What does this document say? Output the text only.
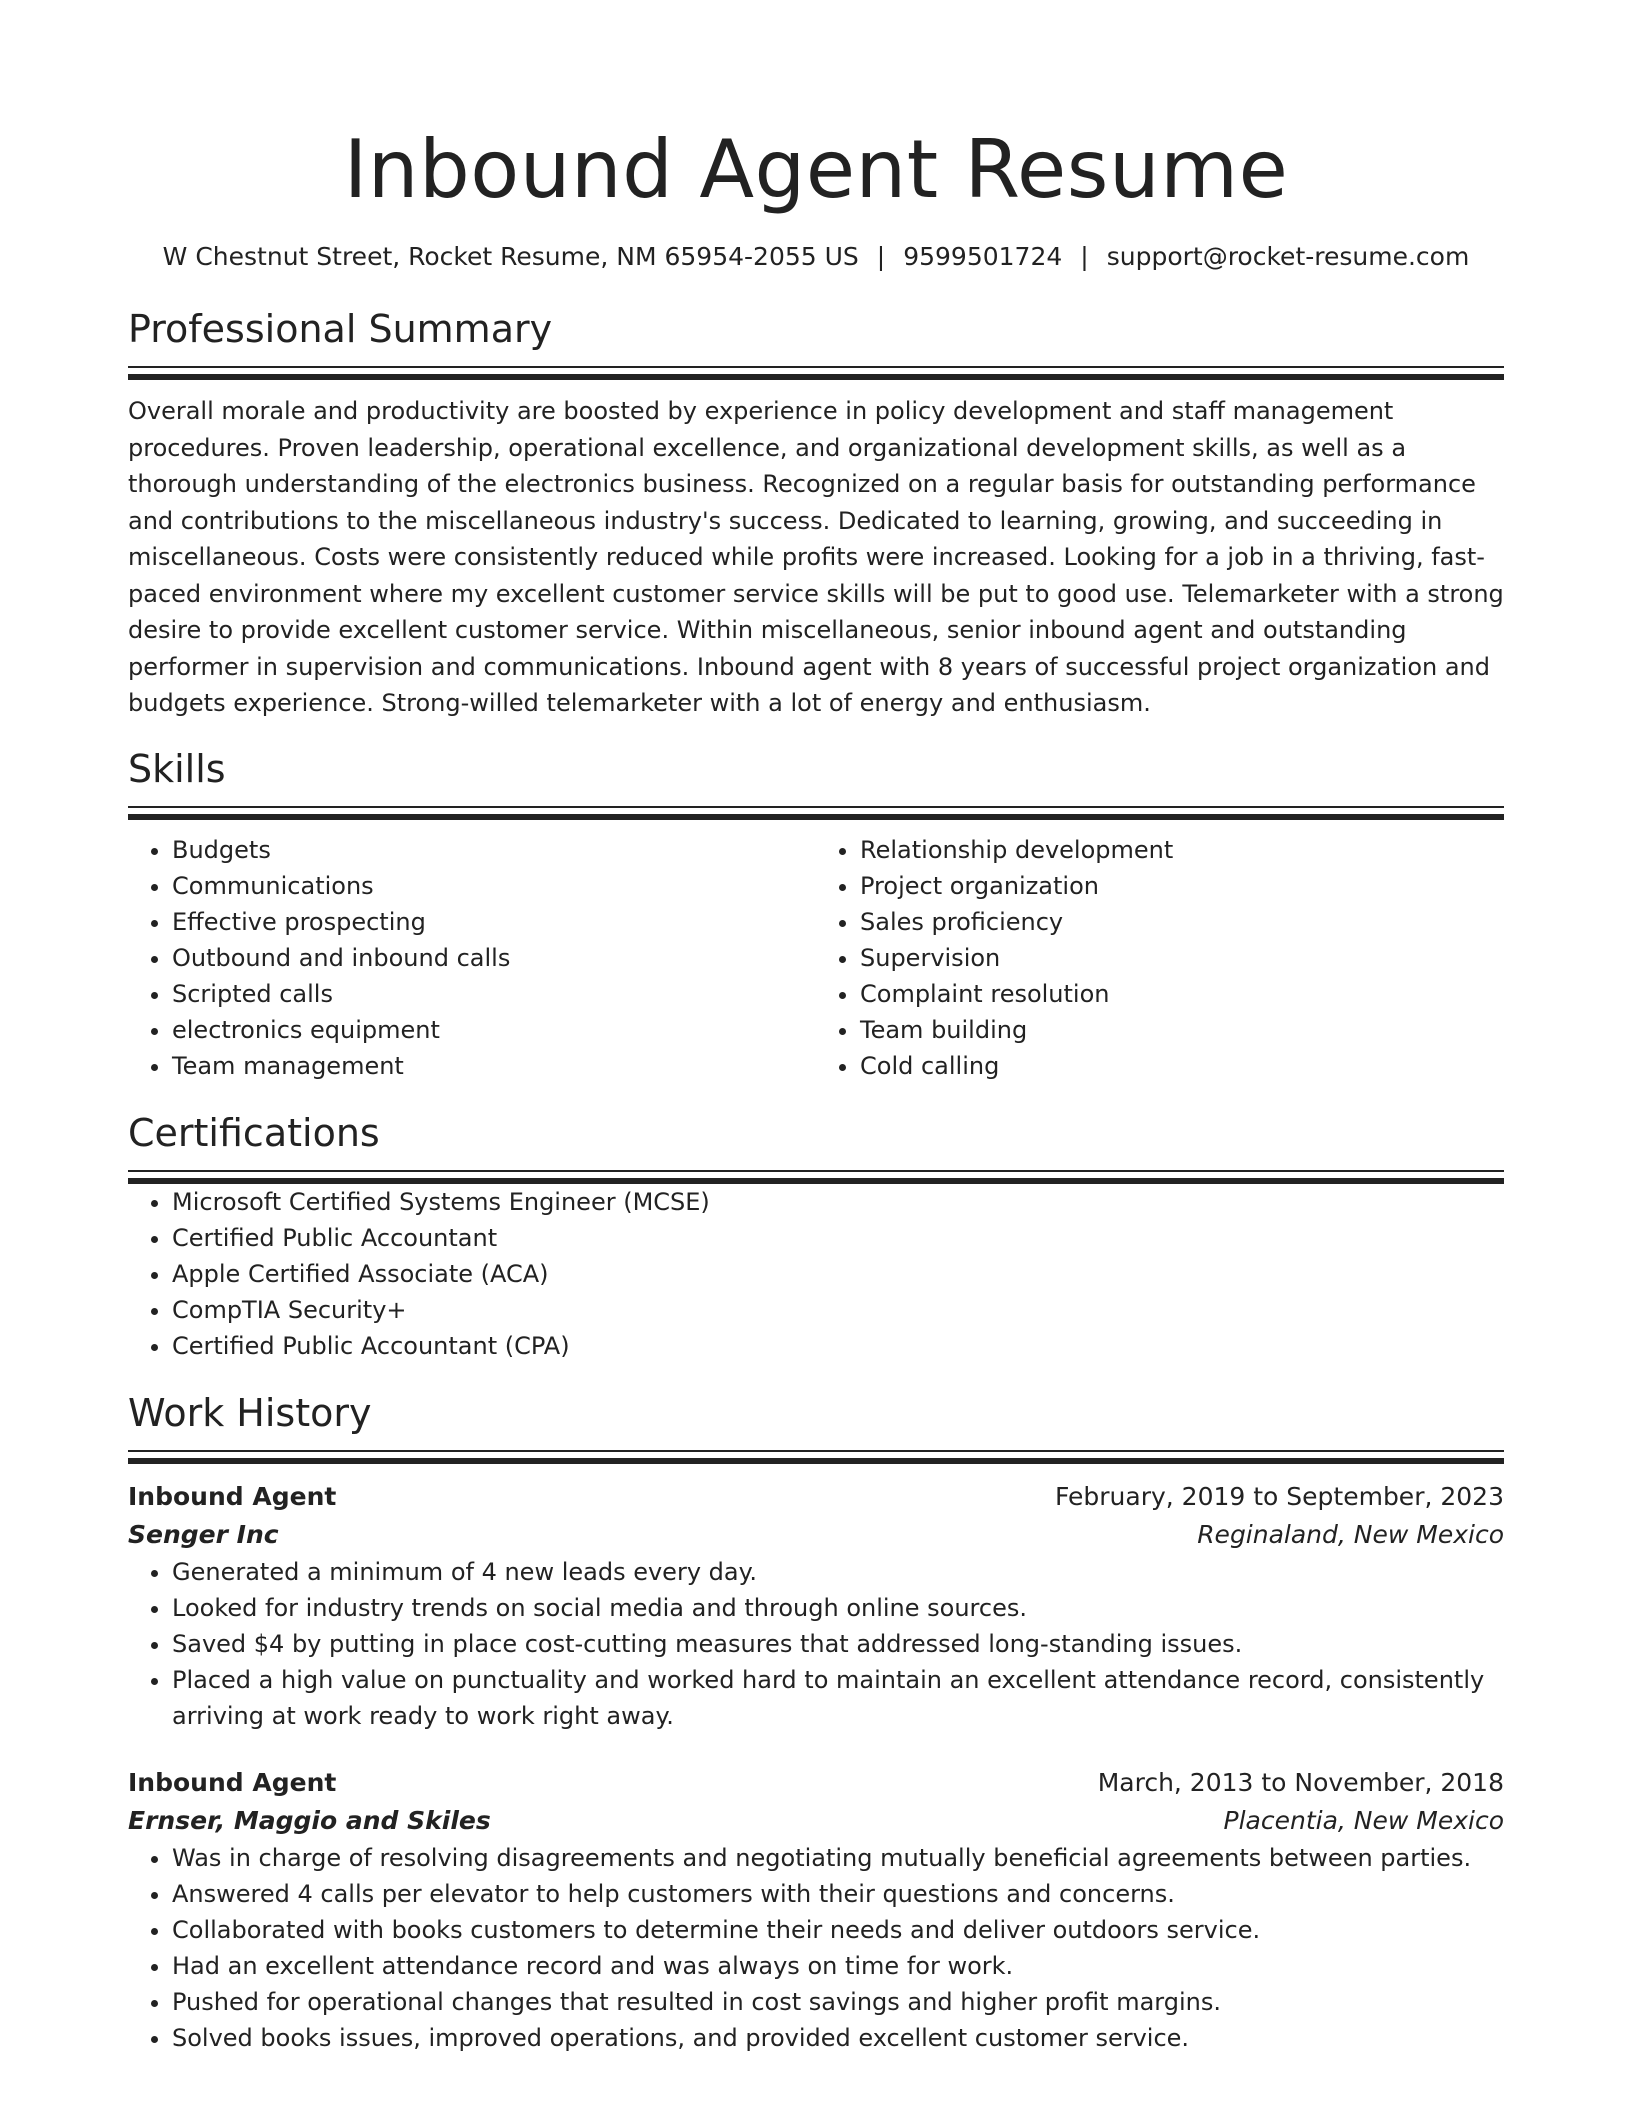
Inbound Agent Resume
W Chestnut Street, Rocket Resume, NM 65954-2055 US | 9599501724 | support@rocket-resume.com
Professional Summary

Overall morale and productivity are boosted by experience in policy development and staff management procedures. Proven leadership, operational excellence, and organizational development skills, as well as a thorough understanding of the electronics business. Recognized on a regular basis for outstanding performance and contributions to the miscellaneous industry's success. Dedicated to learning, growing, and succeeding in miscellaneous. Costs were consistently reduced while profits were increased. Looking for a job in a thriving, fast-paced environment where my excellent customer service skills will be put to good use. Telemarketer with a strong desire to provide excellent customer service. Within miscellaneous, senior inbound agent and outstanding performer in supervision and communications. Inbound agent with 8 years of successful project organization and budgets experience. Strong-willed telemarketer with a lot of energy and enthusiasm.

Skills
• Budgets
• Communications
• Effective prospecting
• Outbound and inbound calls
• Scripted calls
• electronics equipment
• Team management
• Relationship development
• Project organization
• Sales proficiency
• Supervision
• Complaint resolution
• Team building
• Cold calling
Certifications
• Microsoft Certified Systems Engineer (MCSE)
• Certified Public Accountant
• Apple Certified Associate (ACA)
• CompTIA Security+
• Certified Public Accountant (CPA)
Work History
Inbound Agent	February, 2019 to September, 2023
Senger Inc	Reginaland, New Mexico
• Generated a minimum of 4 new leads every day.
• Looked for industry trends on social media and through online sources.
• Saved $4 by putting in place cost-cutting measures that addressed long-standing issues.
• Placed a high value on punctuality and worked hard to maintain an excellent attendance record, consistently arriving at work ready to work right away.
Inbound Agent	March, 2013 to November, 2018
Ernser, Maggio and Skiles	Placentia, New Mexico
• Was in charge of resolving disagreements and negotiating mutually beneficial agreements between parties.
• Answered 4 calls per elevator to help customers with their questions and concerns.
• Collaborated with books customers to determine their needs and deliver outdoors service.
• Had an excellent attendance record and was always on time for work.
• Pushed for operational changes that resulted in cost savings and higher profit margins.
• Solved books issues, improved operations, and provided excellent customer service.
